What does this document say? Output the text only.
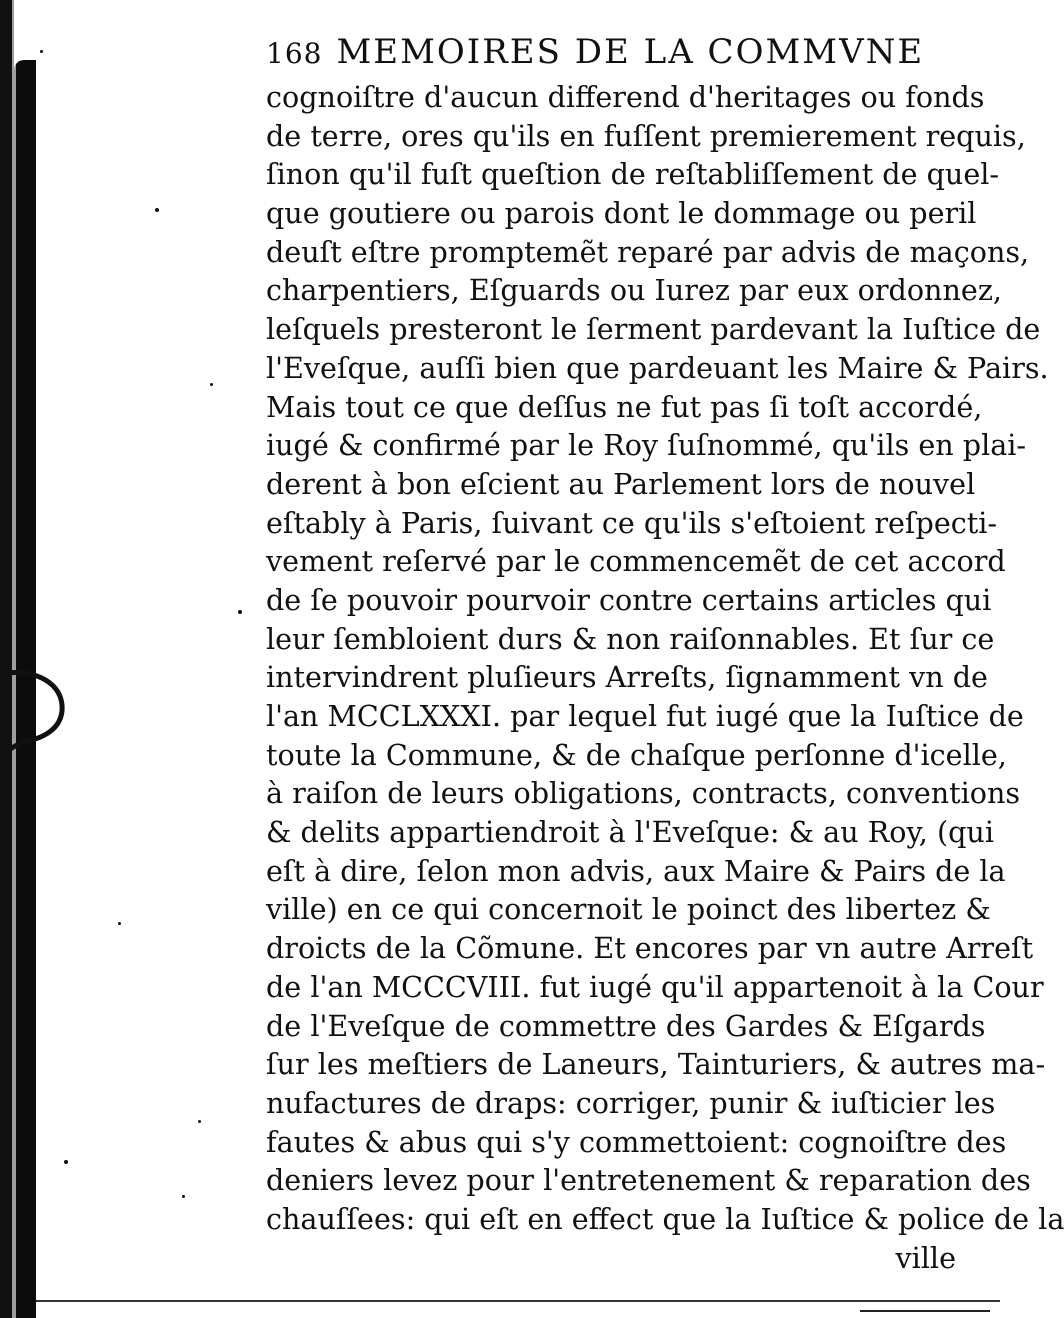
168 MEMOIRES DE LA COMMVNE
cognoiſtre d'aucun differend d'heritages ou fonds
de terre, ores qu'ils en fuſſent premierement requis,
ſinon qu'il fuſt queſtion de reſtabliſſement de quel-
que goutiere ou parois dont le dommage ou peril
deuſt eſtre promptemẽt reparé par advis de maçons,
charpentiers, Eſguards ou Iurez par eux ordonnez,
leſquels presteront le ſerment pardevant la Iuſtice de
l'Eveſque, auſſi bien que pardeuant les Maire & Pairs.
Mais tout ce que deſſus ne fut pas ſi toſt accordé,
iugé & confirmé par le Roy ſuſnommé, qu'ils en plai-
derent à bon eſcient au Parlement lors de nouvel
eſtably à Paris, ſuivant ce qu'ils s'eſtoient reſpecti-
vement reſervé par le commencemẽt de cet accord
de ſe pouvoir pourvoir contre certains articles qui
leur ſembloient durs & non raiſonnables. Et ſur ce
intervindrent pluſieurs Arreſts, ſignamment vn de
l'an MCCLXXXI. par lequel fut iugé que la Iuſtice de
toute la Commune, & de chaſque perſonne d'icelle,
à raiſon de leurs obligations, contracts, conventions
& delits appartiendroit à l'Eveſque: & au Roy, (qui
eſt à dire, ſelon mon advis, aux Maire & Pairs de la
ville) en ce qui concernoit le poinct des libertez &
droicts de la Cõmune. Et encores par vn autre Arreſt
de l'an MCCCVIII. fut iugé qu'il appartenoit à la Cour
de l'Eveſque de commettre des Gardes & Eſgards
ſur les meſtiers de Laneurs, Tainturiers, & autres ma-
nufactures de draps: corriger, punir & iuſticier les
fautes & abus qui s'y commettoient: cognoiſtre des
deniers levez pour l'entretenement & reparation des
chauſſees: qui eſt en effect que la Iuſtice & police de la
ville
